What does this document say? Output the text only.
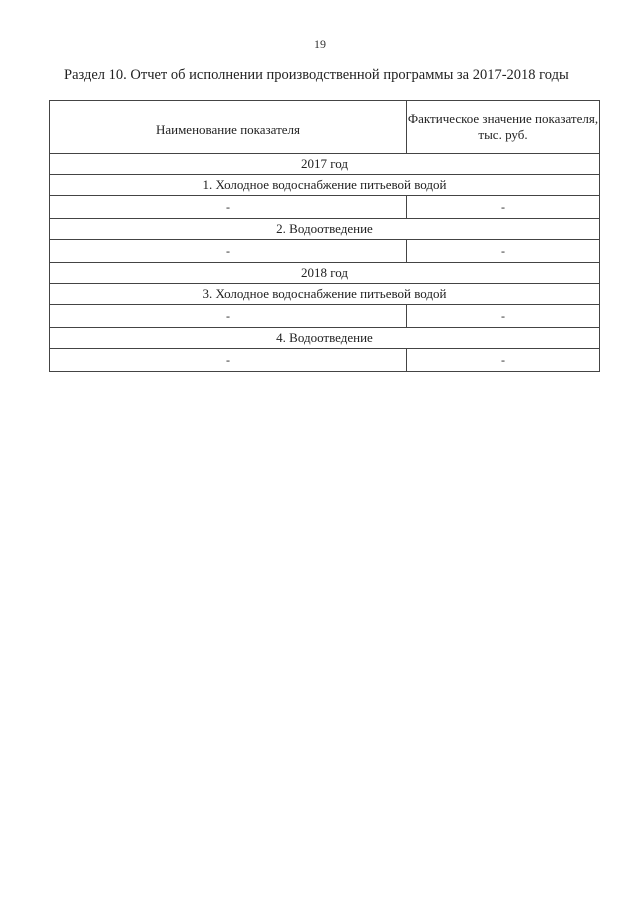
19
Раздел 10. Отчет об исполнении производственной программы за 2017-2018 годы
Наименование показателя	Фактическое значение показателя, тыс. руб.
2017 год	
1. Холодное водоснабжение питьевой водой	
-	-
2. Водоотведение	
-	-
2018 год	
3. Холодное водоснабжение питьевой водой	
-	-
4. Водоотведение	
-	-
